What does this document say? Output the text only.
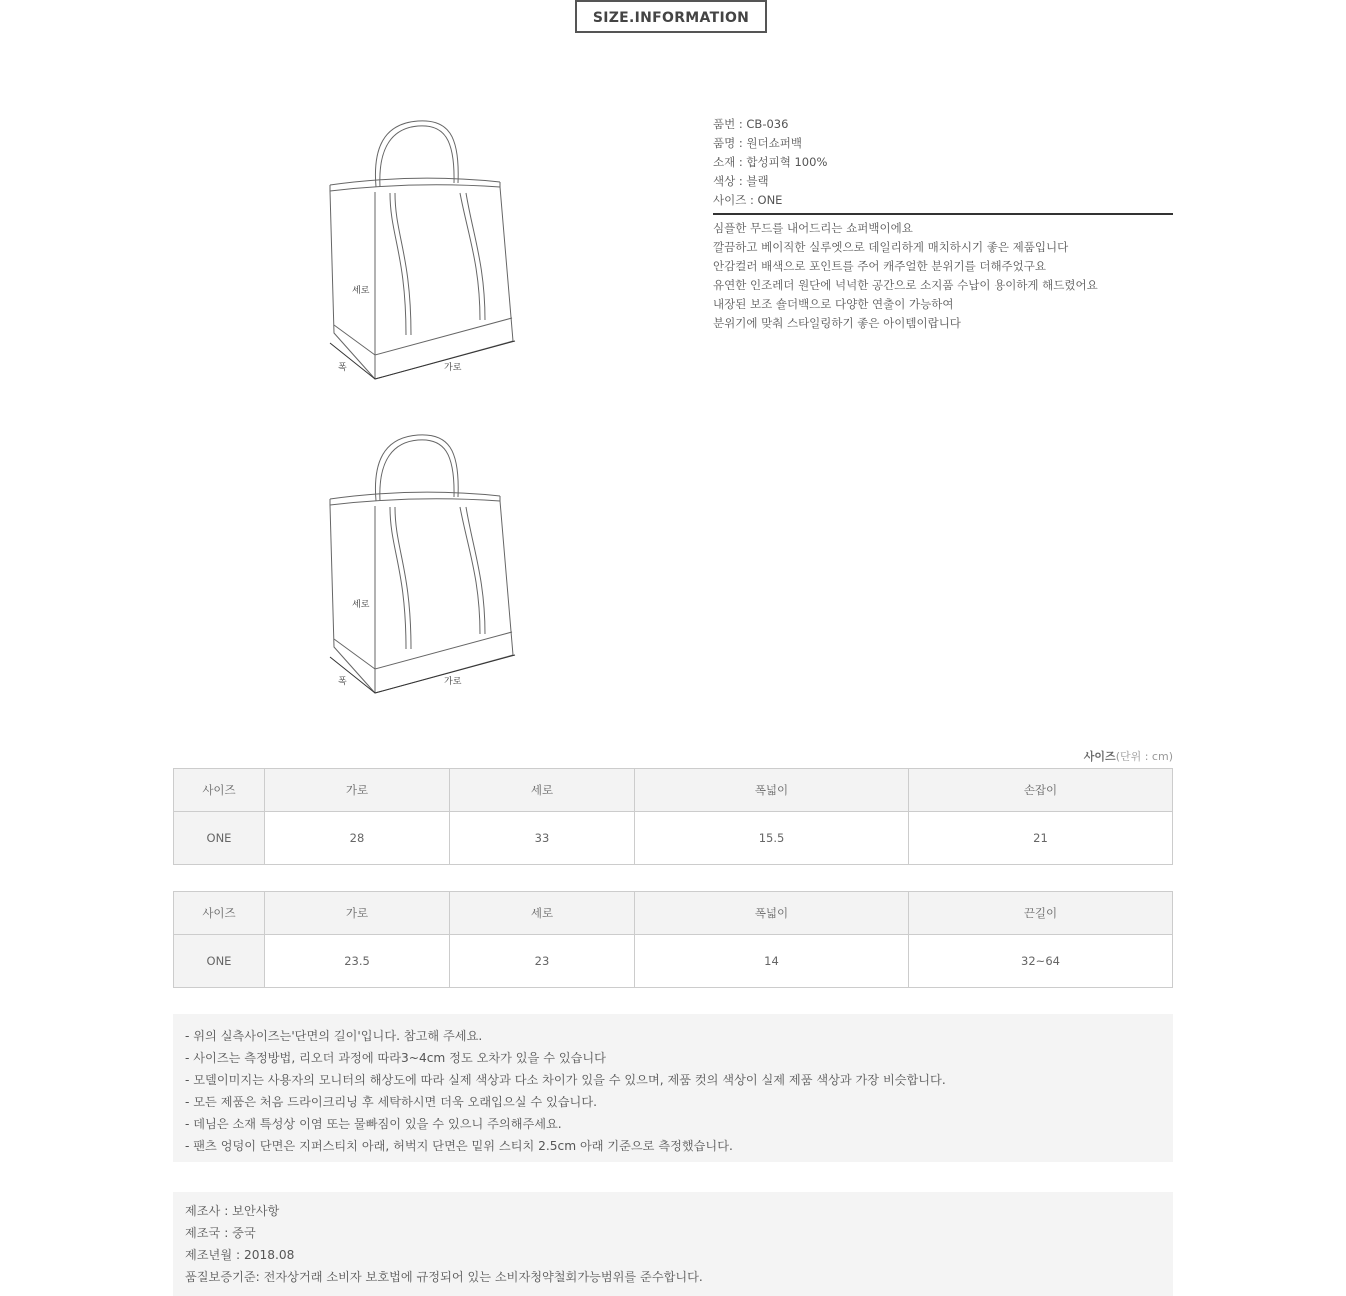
SIZE.INFORMATION
세로
폭	가로
세로
폭	가로
품번 : CB-036
품명 : 원더쇼퍼백
소재 : 합성피혁 100%
색상 : 블랙
사이즈 : ONE
심플한 무드를 내어드리는 쇼퍼백이에요
깔끔하고 베이직한 실루엣으로 데일리하게 매치하시기 좋은 제품입니다
안감컬러 배색으로 포인트를 주어 캐주얼한 분위기를 더해주었구요
유연한 인조레더 원단에 넉넉한 공간으로 소지품 수납이 용이하게 해드렸어요
내장된 보조 숄더백으로 다양한 연출이 가능하여
분위기에 맞춰 스타일링하기 좋은 아이템이랍니다
사이즈(단위 : cm)
사이즈	가로	세로	폭넓이	손잡이
ONE	28	33	15.5	21
사이즈	가로	세로	폭넓이	끈길이
ONE	23.5	23	14	32~64
- 위의 실측사이즈는'단면의 길이'입니다. 참고해 주세요.
- 사이즈는 측정방법, 리오더 과정에 따라3~4cm 정도 오차가 있을 수 있습니다
- 모델이미지는 사용자의 모니터의 해상도에 따라 실제 색상과 다소 차이가 있을 수 있으며, 제품 컷의 색상이 실제 제품 색상과 가장 비슷합니다.
- 모든 제품은 처음 드라이크리닝 후 세탁하시면 더욱 오래입으실 수 있습니다.
- 데님은 소재 특성상 이염 또는 물빠짐이 있을 수 있으니 주의해주세요.
- 팬츠 엉덩이 단면은 지퍼스티치 아래, 허벅지 단면은 밑위 스티치 2.5cm 아래 기준으로 측정했습니다.
제조사 : 보안사항
제조국 : 중국
제조년월 : 2018.08
품질보증기준: 전자상거래 소비자 보호법에 규정되어 있는 소비자청약철회가능범위를 준수합니다.
